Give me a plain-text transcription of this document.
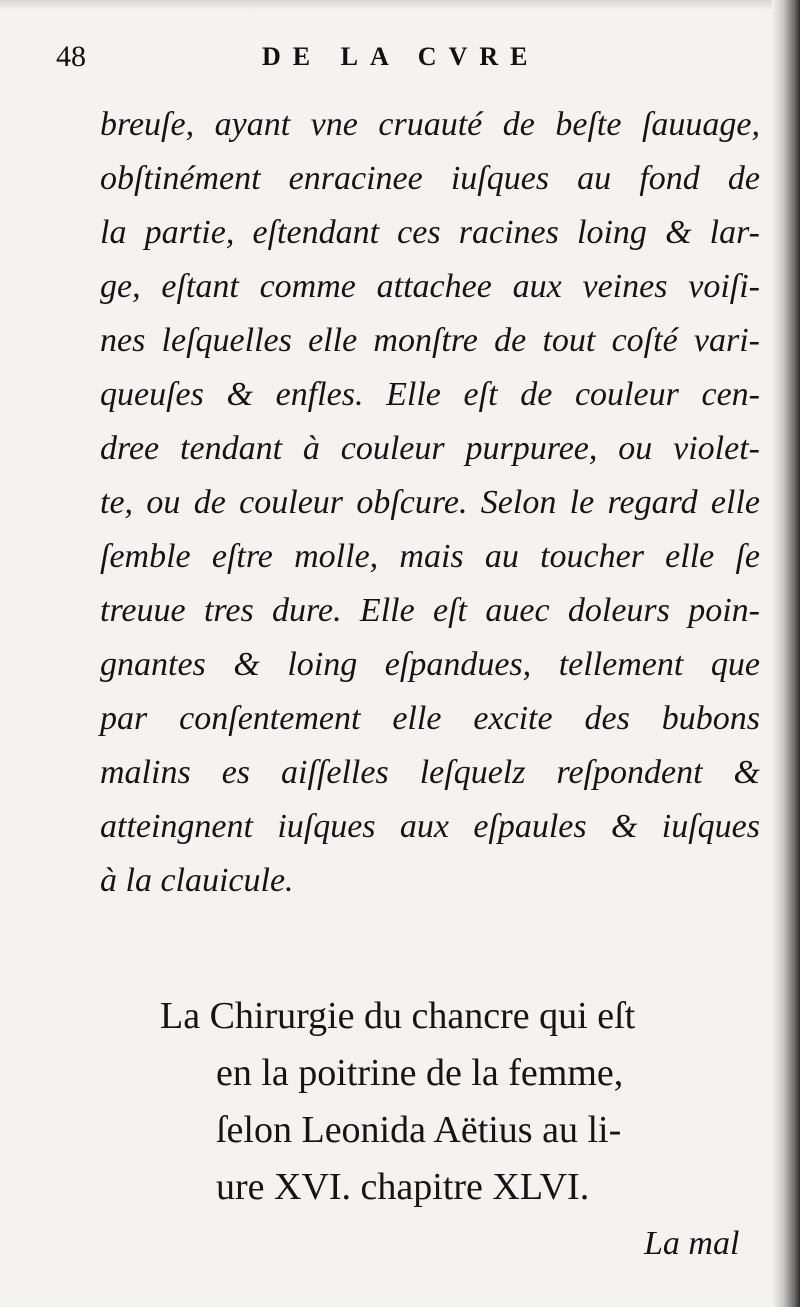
48	DE LA CVRE
breuſe, ayant vne cruauté de beſte ſauuage,
obſtinément enracinee iuſques au fond de
la partie, eſtendant ces racines loing & lar-
ge, eſtant comme attachee aux veines voiſi-
nes leſquelles elle monſtre de tout coſté vari-
queuſes & enfles. Elle eſt de couleur cen-
dree tendant à couleur purpuree, ou violet-
te, ou de couleur obſcure. Selon le regard elle
ſemble eſtre molle, mais au toucher elle ſe
treuue tres dure. Elle eſt auec doleurs poin-
gnantes & loing eſpandues, tellement que
par conſentement elle excite des bubons
malins es aiſſelles leſquelz reſpondent &
atteingnent iuſques aux eſpaules & iuſques
à la clauicule.
La Chirurgie du chancre qui eſt
en la poitrine de la femme,
ſelon Leonida Aëtius au li-
ure XVI. chapitre XLVI.
La mal
